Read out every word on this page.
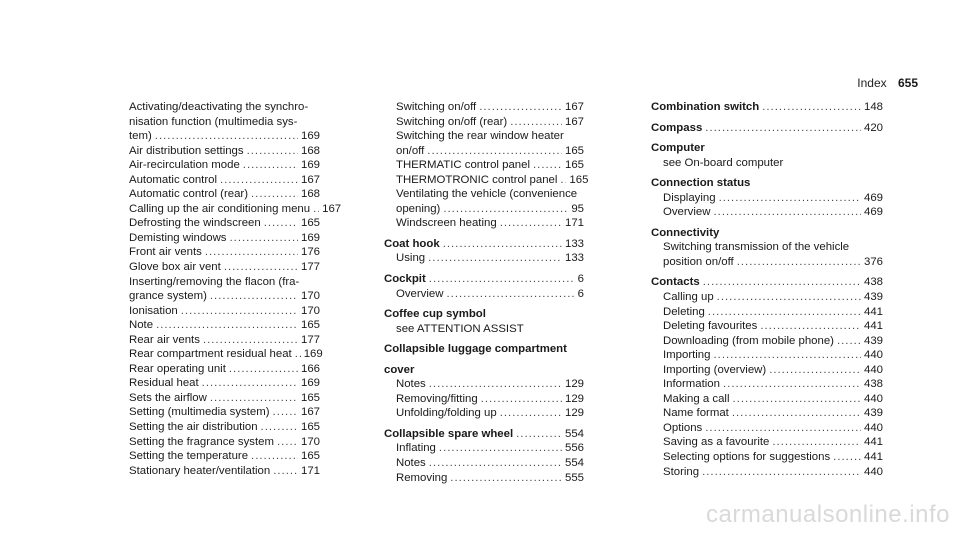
Index 655
Activating/deactivating the synchro-
nisation function (multimedia sys-
tem) .....	169
Air distribution settings .....	168
Air-recirculation mode .....	169
Automatic control .....	167
Automatic control (rear) .....	168
Calling up the air conditioning menu ..... 167
Defrosting the windscreen .....	165
Demisting windows .....	169
Front air vents .....	176
Glove box air vent .....	177
Inserting/removing the flacon (fra-
grance system) .....	170
Ionisation .....	170
Note .....	165
Rear air vents .....	177
Rear compartment residual heat ..... 169
Rear operating unit .....	166
Residual heat .....	169
Sets the airflow .....	165
Setting (multimedia system) .....	167
Setting the air distribution .....	165
Setting the fragrance system ..... 170
Setting the temperature .....	165
Stationary heater/ventilation .....	171
Switching on/off .....	167
Switching on/off (rear) .....	167
Switching the rear window heater
on/off .....	165
THERMATIC control panel .....	165
THERMOTRONIC control panel ..... 165
Ventilating the vehicle (convenience
opening) .....	95
Windscreen heating .....	171
Coat hook .....	133
Using .....	133
Cockpit .....	6
Overview .....	6
Coffee cup symbol
see ATTENTION ASSIST
Collapsible luggage compartment
cover
Notes .....	129
Removing/fitting .....	129
Unfolding/folding up .....	129
Collapsible spare wheel .....	554
Inflating .....	556
Notes .....	554
Removing .....	555
Combination switch .....	148
Compass .....	420
Computer
see On-board computer
Connection status
Displaying .....	469
Overview .....	469
Connectivity
Switching transmission of the vehicle
position on/off .....	376
Contacts .....	438
Calling up .....	439
Deleting .....	441
Deleting favourites .....	441
Downloading (from mobile phone) .....	439
Importing .....	440
Importing (overview) .....	440
Information .....	438
Making a call .....	440
Name format .....	439
Options .....	440
Saving as a favourite .....	441
Selecting options for suggestions .....	441
Storing .....	440
carmanualsonline.info
